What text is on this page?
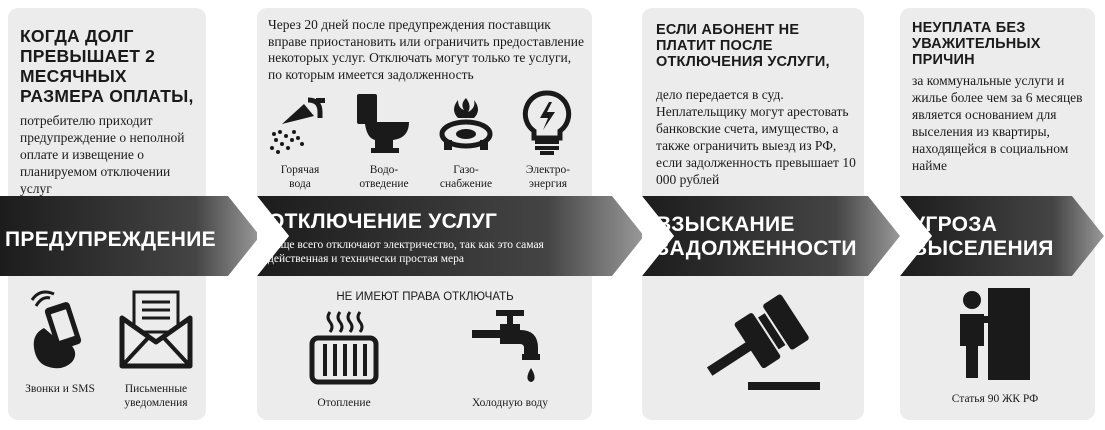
КОГДА ДОЛГ ПРЕВЫШАЕТ 2 МЕСЯЧНЫХ РАЗМЕРА ОПЛАТЫ,
потребителю приходит предупреждение о неполной оплате и извещение о планируемом отключении услуг
Через 20 дней после предупреждения поставщик вправе приостановить или ограничить предоставление некоторых услуг. Отключать могут только те услуги, по которым имеется задолженность
ЕСЛИ АБОНЕНТ НЕ ПЛАТИТ ПОСЛЕ ОТКЛЮЧЕНИЯ УСЛУГИ,
дело передается в суд. Неплательщику могут арестовать банковские счета, имущество, а также ограничить выезд из РФ, если задолженность превышает 10 000 рублей
НЕУПЛАТА БЕЗ УВАЖИТЕЛЬНЫХ ПРИЧИН
за коммунальные услуги и жилье более чем за 6 месяцев является основанием для выселения из квартиры, находящейся в социальном найме
Горячая вода
Водо-отведение
Газо-снабжение
Электро-энергия
ПРЕДУПРЕЖДЕНИЕ
ОТКЛЮЧЕНИЕ УСЛУГ
Чаще всего отключают электричество, так как это самая действенная и технически простая мера
ВЗЫСКАНИЕ ЗАДОЛЖЕННОСТИ
УГРОЗА ВЫСЕЛЕНИЯ
Звонки и SMS	Письменные уведомления
НЕ ИМЕЮТ ПРАВА ОТКЛЮЧАТЬ
Отопление	Холодную воду	Статья 90 ЖК РФ
